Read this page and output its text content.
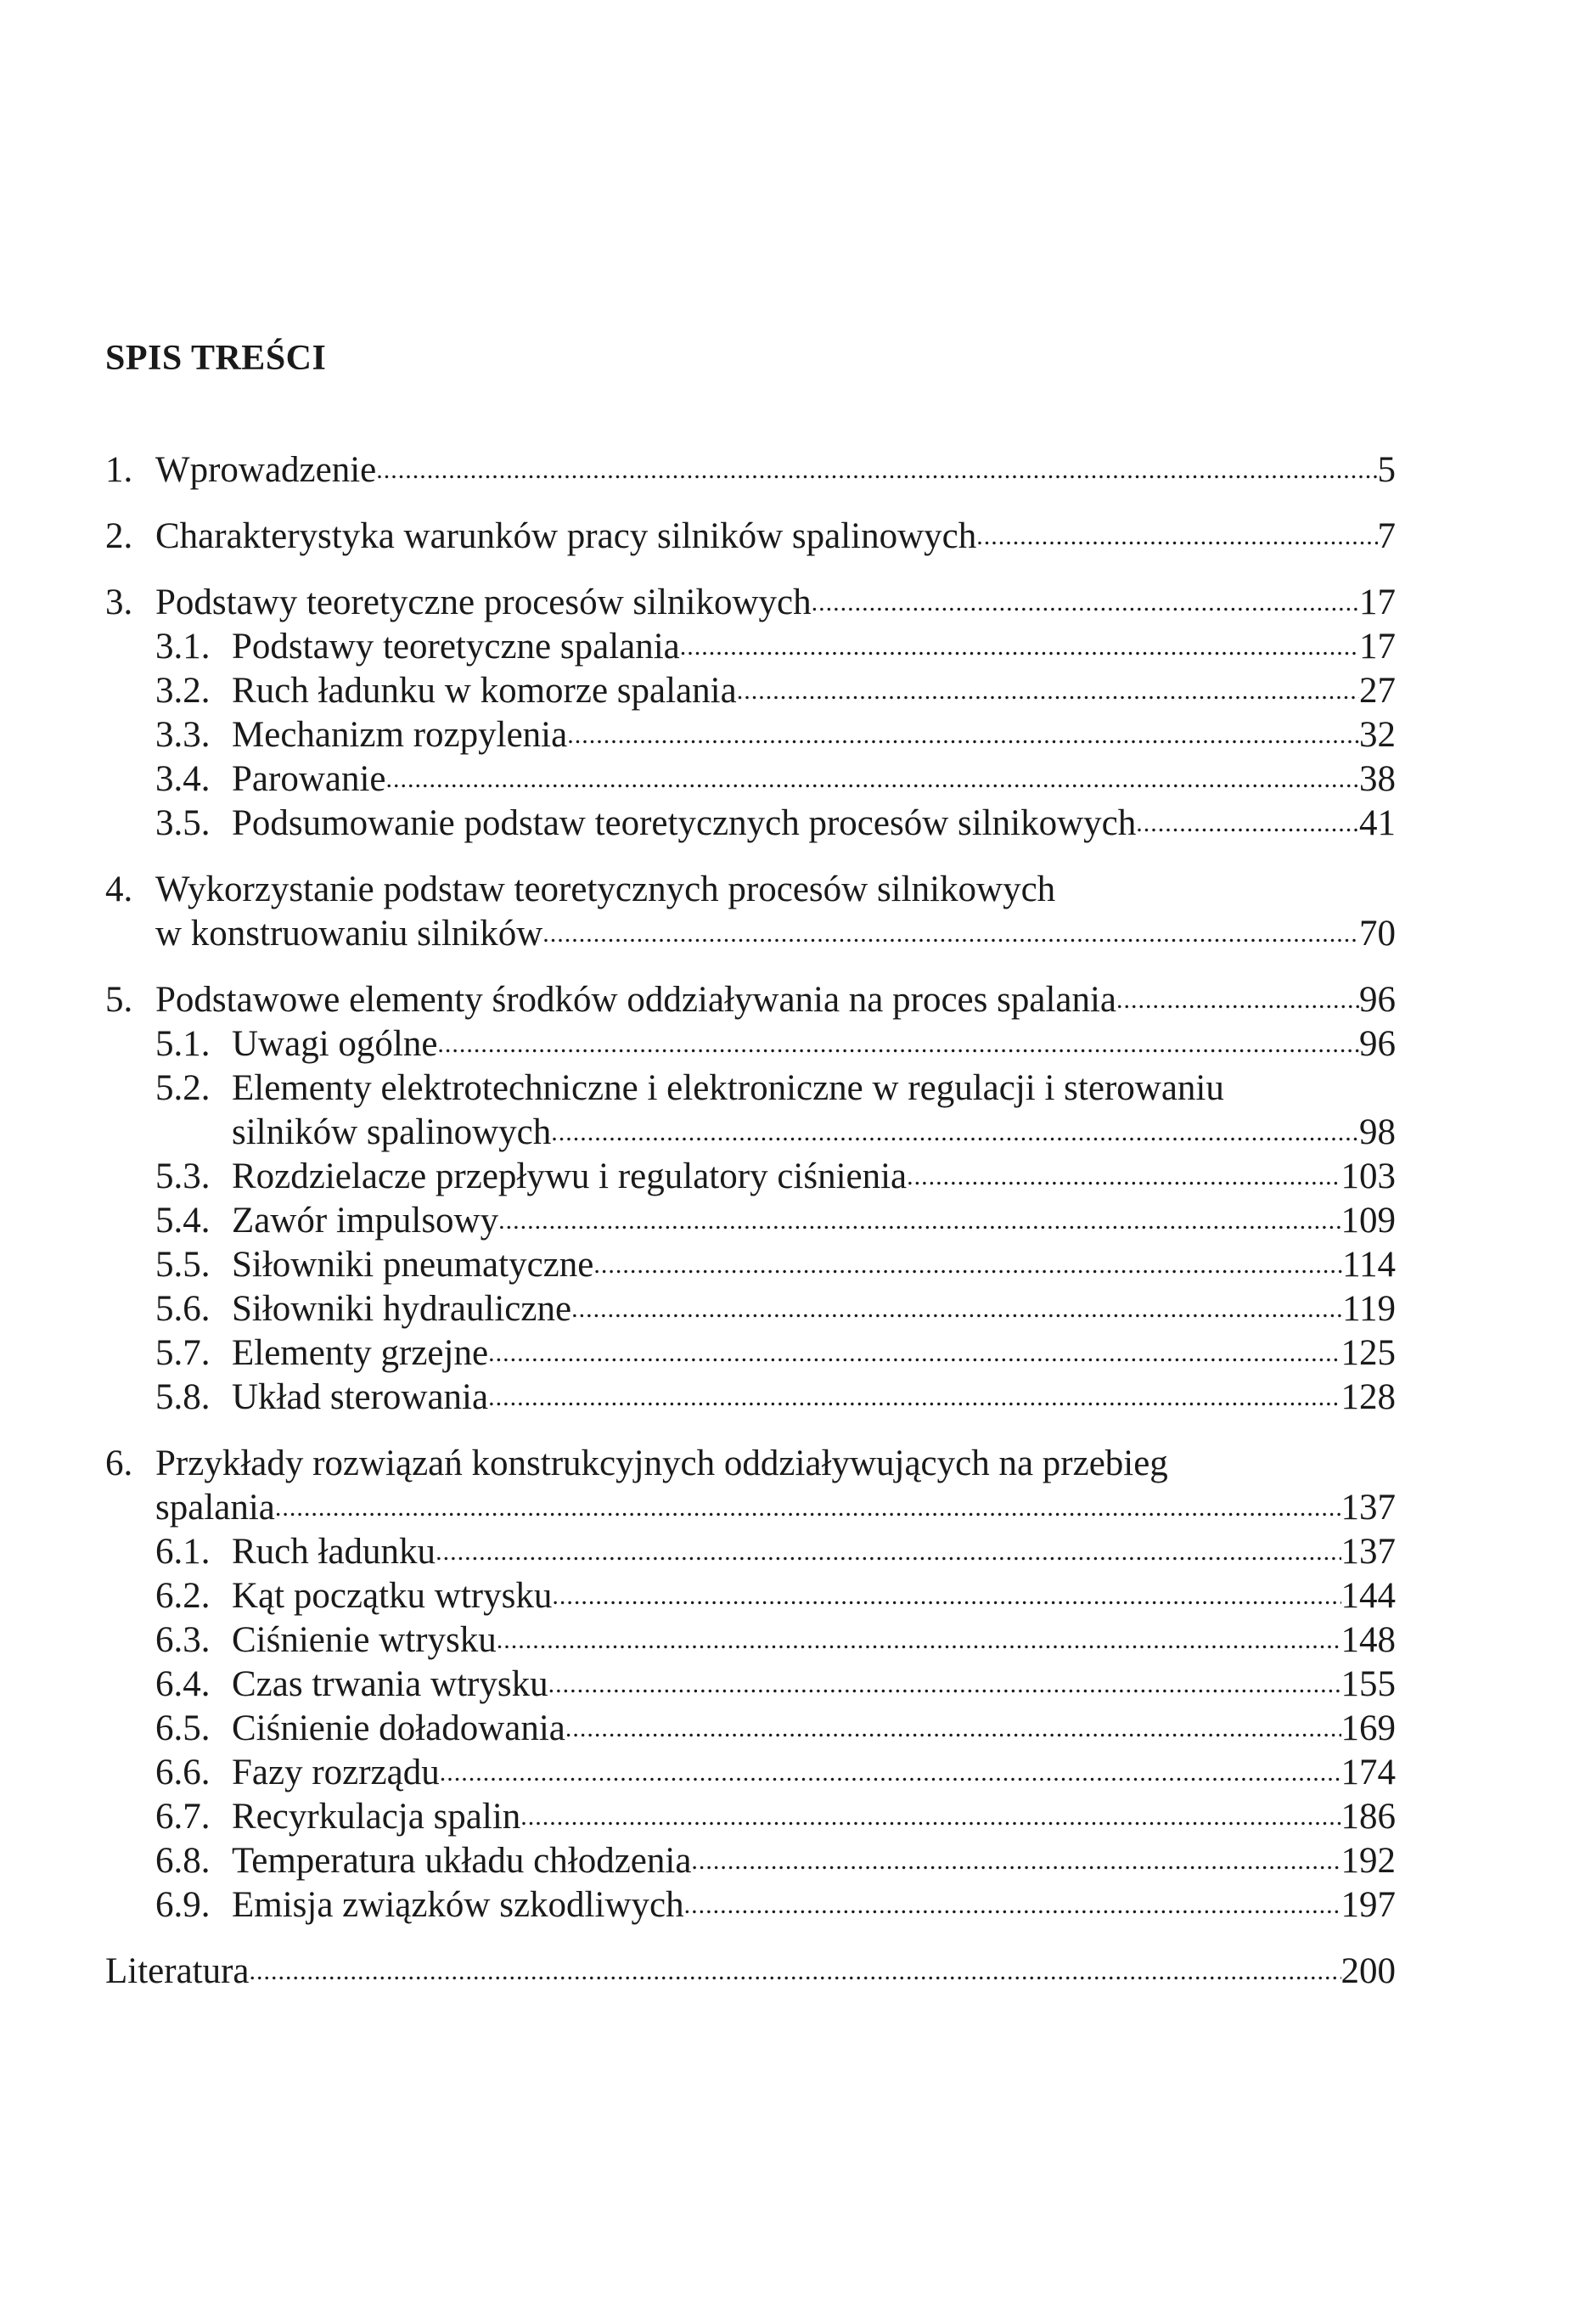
SPIS TREŚCI
1. Wprowadzenie .....	5
2. Charakterystyka warunków pracy silników spalinowych .....	7
3. Podstawy teoretyczne procesów silnikowych .....	17
3.1. Podstawy teoretyczne spalania .....	17
3.2. Ruch ładunku w komorze spalania .....	27
3.3. Mechanizm rozpylenia .....	32
3.4. Parowanie .....	38
3.5. Podsumowanie podstaw teoretycznych procesów silnikowych .....	41
4. Wykorzystanie podstaw teoretycznych procesów silnikowych
w konstruowaniu silników .....	70
5. Podstawowe elementy środków oddziaływania na proces spalania .....	96
5.1. Uwagi ogólne .....	96
5.2. Elementy elektrotechniczne i elektroniczne w regulacji i sterowaniu
silników spalinowych .....	98
5.3. Rozdzielacze przepływu i regulatory ciśnienia .....	103
5.4. Zawór impulsowy .....	109
5.5. Siłowniki pneumatyczne .....	114
5.6. Siłowniki hydrauliczne .....	119
5.7. Elementy grzejne .....	125
5.8. Układ sterowania .....	128
6. Przykłady rozwiązań konstrukcyjnych oddziaływujących na przebieg
spalania .....	137
6.1. Ruch ładunku .....	137
6.2. Kąt początku wtrysku .....	144
6.3. Ciśnienie wtrysku .....	148
6.4. Czas trwania wtrysku .....	155
6.5. Ciśnienie doładowania .....	169
6.6. Fazy rozrządu .....	174
6.7. Recyrkulacja spalin .....	186
6.8. Temperatura układu chłodzenia .....	192
6.9. Emisja związków szkodliwych .....	197
Literatura .....	200
